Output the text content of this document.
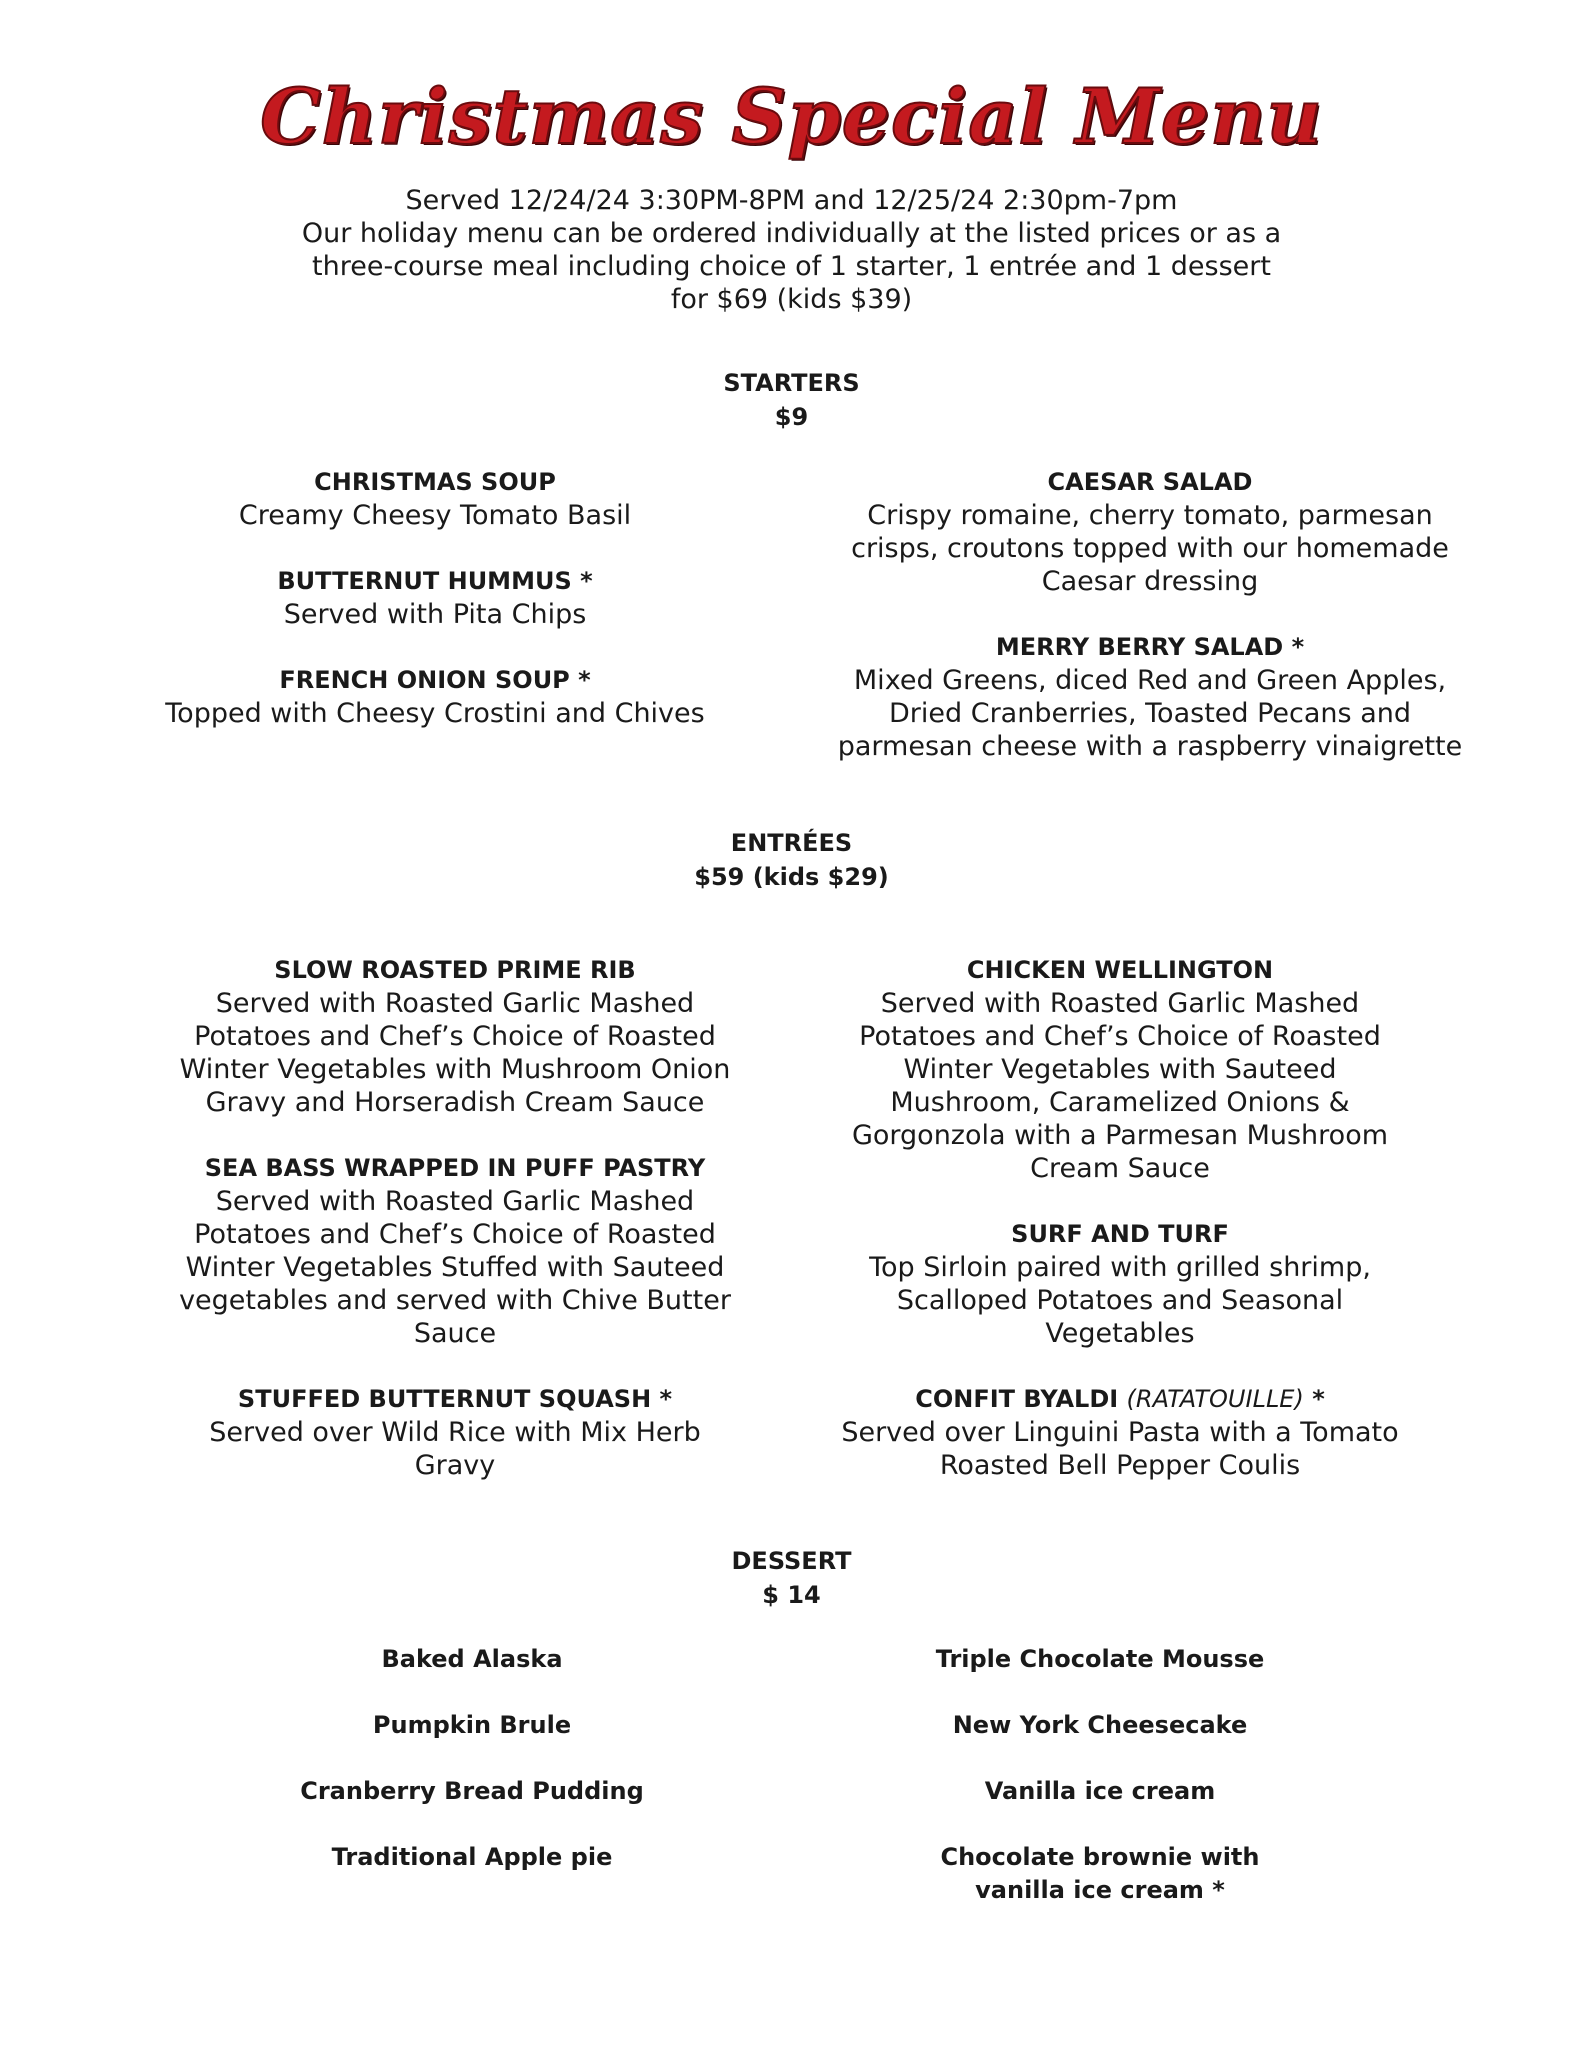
Christmas Special Menu
Served 12/24/24 3:30PM-8PM and 12/25/24 2:30pm-7pm
Our holiday menu can be ordered individually at the listed prices or as a
three-course meal including choice of 1 starter, 1 entrée and 1 dessert
for $69 (kids $39)
STARTERS
$9
CHRISTMAS SOUP
Creamy Cheesy Tomato Basil
BUTTERNUT HUMMUS *
Served with Pita Chips
FRENCH ONION SOUP *
Topped with Cheesy Crostini and Chives
CAESAR SALAD
Crispy romaine, cherry tomato, parmesan
crisps, croutons topped with our homemade
Caesar dressing
MERRY BERRY SALAD *
Mixed Greens, diced Red and Green Apples,
Dried Cranberries, Toasted Pecans and
parmesan cheese with a raspberry vinaigrette
ENTRÉES
$59 (kids $29)
SLOW ROASTED PRIME RIB
Served with Roasted Garlic Mashed
Potatoes and Chef’s Choice of Roasted
Winter Vegetables with Mushroom Onion
Gravy and Horseradish Cream Sauce
SEA BASS WRAPPED IN PUFF PASTRY
Served with Roasted Garlic Mashed
Potatoes and Chef’s Choice of Roasted
Winter Vegetables Stuffed with Sauteed
vegetables and served with Chive Butter
Sauce
STUFFED BUTTERNUT SQUASH *
Served over Wild Rice with Mix Herb
Gravy
CHICKEN WELLINGTON
Served with Roasted Garlic Mashed
Potatoes and Chef’s Choice of Roasted
Winter Vegetables with Sauteed
Mushroom, Caramelized Onions &
Gorgonzola with a Parmesan Mushroom
Cream Sauce
SURF AND TURF
Top Sirloin paired with grilled shrimp,
Scalloped Potatoes and Seasonal
Vegetables
CONFIT BYALDI (RATATOUILLE) *
Served over Linguini Pasta with a Tomato
Roasted Bell Pepper Coulis
DESSERT
$ 14
Baked Alaska
Pumpkin Brule
Cranberry Bread Pudding
Traditional Apple pie
Triple Chocolate Mousse
New York Cheesecake
Vanilla ice cream
Chocolate brownie with
vanilla ice cream *
